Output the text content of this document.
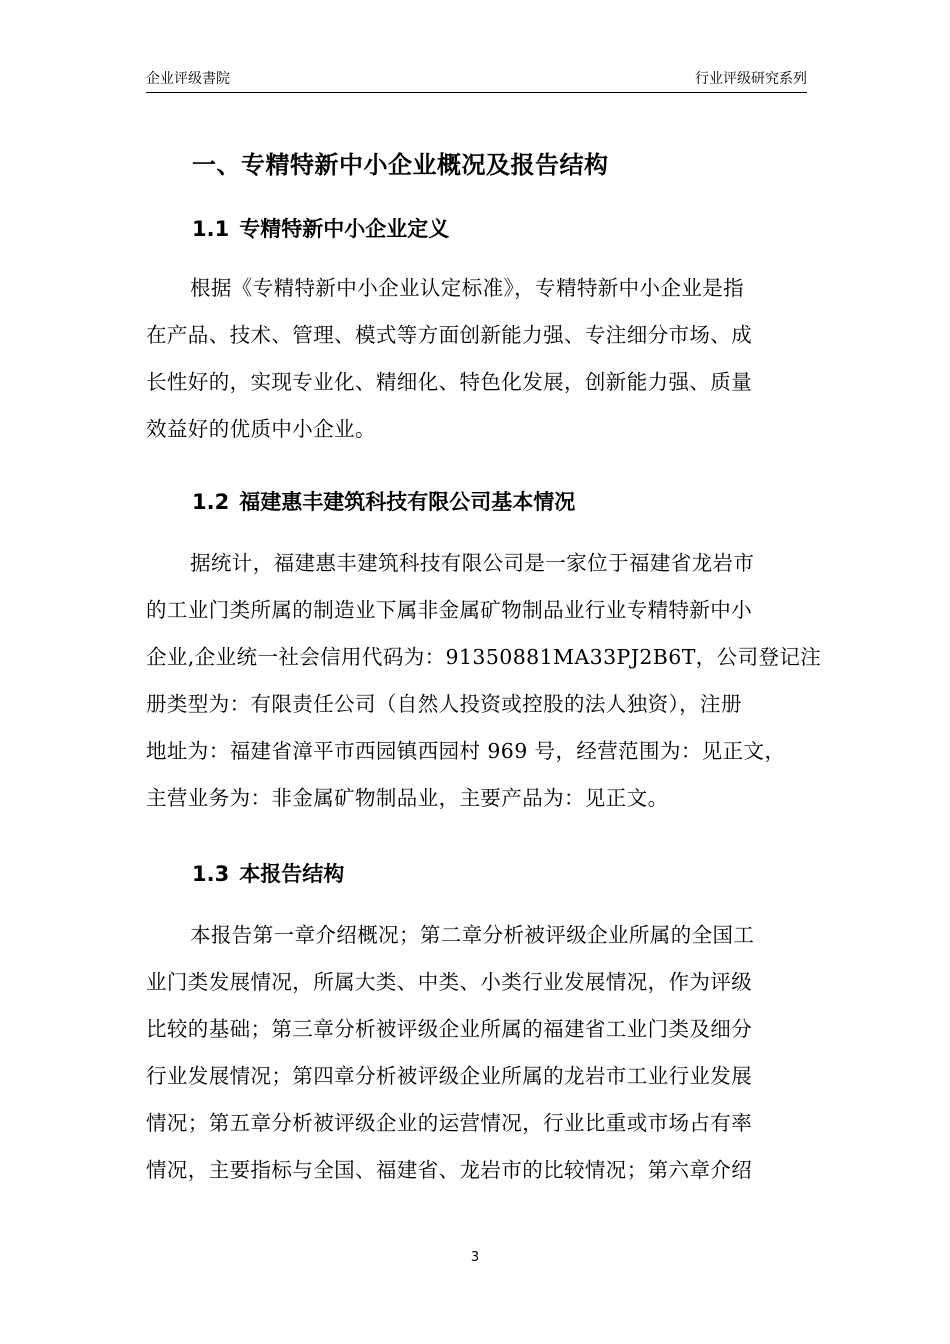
企业评级書院	行业评级研究系列
一、专精特新中小企业概况及报告结构
1.1 专精特新中小企业定义

根据《专精特新中小企业认定标准》，专精特新中小企业是指
在产品、技术、管理、模式等方面创新能力强、专注细分市场、成
长性好的，实现专业化、精细化、特色化发展，创新能力强、质量
效益好的优质中小企业。

1.2 福建惠丰建筑科技有限公司基本情况

据统计，福建惠丰建筑科技有限公司是一家位于福建省龙岩市
的工业门类所属的制造业下属非金属矿物制品业行业专精特新中小
企业,企业统一社会信用代码为：91350881MA33PJ2B6T，公司登记注
册类型为：有限责任公司（自然人投资或控股的法人独资），注册
地址为：福建省漳平市西园镇西园村 969 号，经营范围为：见正文，
主营业务为：非金属矿物制品业，主要产品为：见正文。

1.3 本报告结构

本报告第一章介绍概况；第二章分析被评级企业所属的全国工
业门类发展情况，所属大类、中类、小类行业发展情况，作为评级
比较的基础；第三章分析被评级企业所属的福建省工业门类及细分
行业发展情况；第四章分析被评级企业所属的龙岩市工业行业发展
情况；第五章分析被评级企业的运营情况，行业比重或市场占有率
情况，主要指标与全国、福建省、龙岩市的比较情况；第六章介绍

3
